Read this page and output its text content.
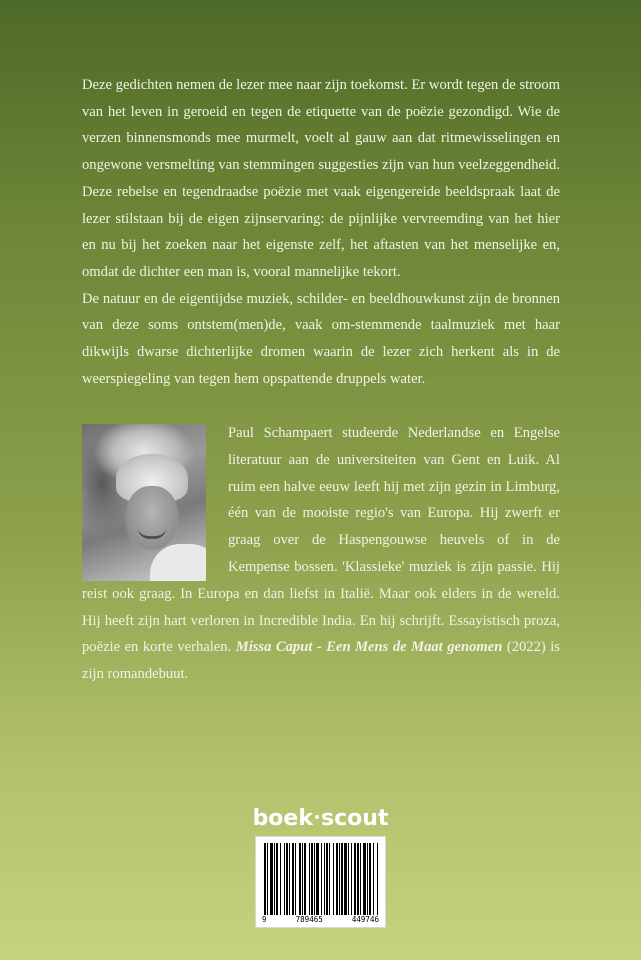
Deze gedichten nemen de lezer mee naar zijn toekomst. Er wordt tegen de stroom van het leven in geroeid en tegen de etiquette van de poëzie gezondigd. Wie de verzen binnensmonds mee murmelt, voelt al gauw aan dat ritmewisselingen en ongewone versmelting van stemmingen suggesties zijn van hun veelzeggendheid. Deze rebelse en tegendraadse poëzie met vaak eigengereide beeldspraak laat de lezer stilstaan bij de eigen zijnservaring: de pijnlijke vervreemding van het hier en nu bij het zoeken naar het eigenste zelf, het aftasten van het menselijke en, omdat de dichter een man is, vooral mannelijke tekort.

De natuur en de eigentijdse muziek, schilder- en beeldhouwkunst zijn de bronnen van deze soms ontstem(men)de, vaak om-stemmende taalmuziek met haar dikwijls dwarse dichterlijke dromen waarin de lezer zich herkent als in de weerspiegeling van tegen hem opspattende druppels water.

Paul Schampaert studeerde Nederlandse en Engelse literatuur aan de universiteiten van Gent en Luik. Al ruim een halve eeuw leeft hij met zijn gezin in Limburg, één van de mooiste regio's van Europa. Hij zwerft er graag over de Haspengouwse heuvels of in de Kempense bossen. 'Klassieke' muziek is zijn passie. Hij reist ook graag. In Europa en dan liefst in Italië. Maar ook elders in de wereld. Hij heeft zijn hart verloren in Incredible India. En hij schrijft. Essayistisch proza, poëzie en korte verhalen. Missa Caput - Een Mens de Maat genomen (2022) is zijn romandebuut.

boek scout
9	789465	449746
